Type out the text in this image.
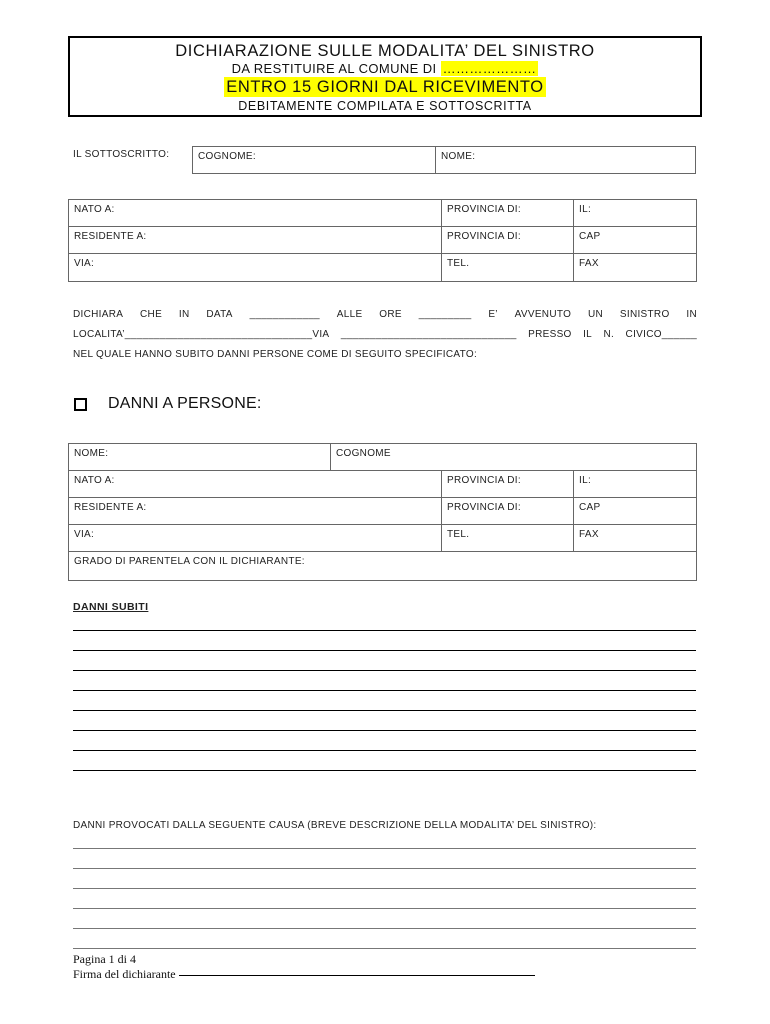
DICHIARAZIONE SULLE MODALITA’ DEL SINISTRO
DA RESTITUIRE AL COMUNE DI …………………
ENTRO 15 GIORNI DAL RICEVIMENTO
DEBITAMENTE COMPILATA E SOTTOSCRITTA
IL SOTTOSCRITTO:	COGNOME:	NOME:
NATO A:	PROVINCIA DI:	IL:
RESIDENTE A:	PROVINCIA DI:	CAP
VIA:	TEL.	FAX
DICHIARA CHE IN DATA ____________ ALLE ORE _________ E’ AVVENUTO UN SINISTRO IN
LOCALITA’________________________________VIA ______________________________ PRESSO IL N. CIVICO______
NEL QUALE HANNO SUBITO DANNI PERSONE COME DI SEGUITO SPECIFICATO:
DANNI A PERSONE:
NOME:	COGNOME
NATO A:	PROVINCIA DI:	IL:
RESIDENTE A:	PROVINCIA DI:	CAP
VIA:	TEL.	FAX
GRADO DI PARENTELA CON IL DICHIARANTE:
DANNI SUBITI
DANNI PROVOCATI DALLA SEGUENTE CAUSA (BREVE DESCRIZIONE DELLA MODALITA’ DEL SINISTRO):
Pagina 1 di 4
Firma del dichiarante
